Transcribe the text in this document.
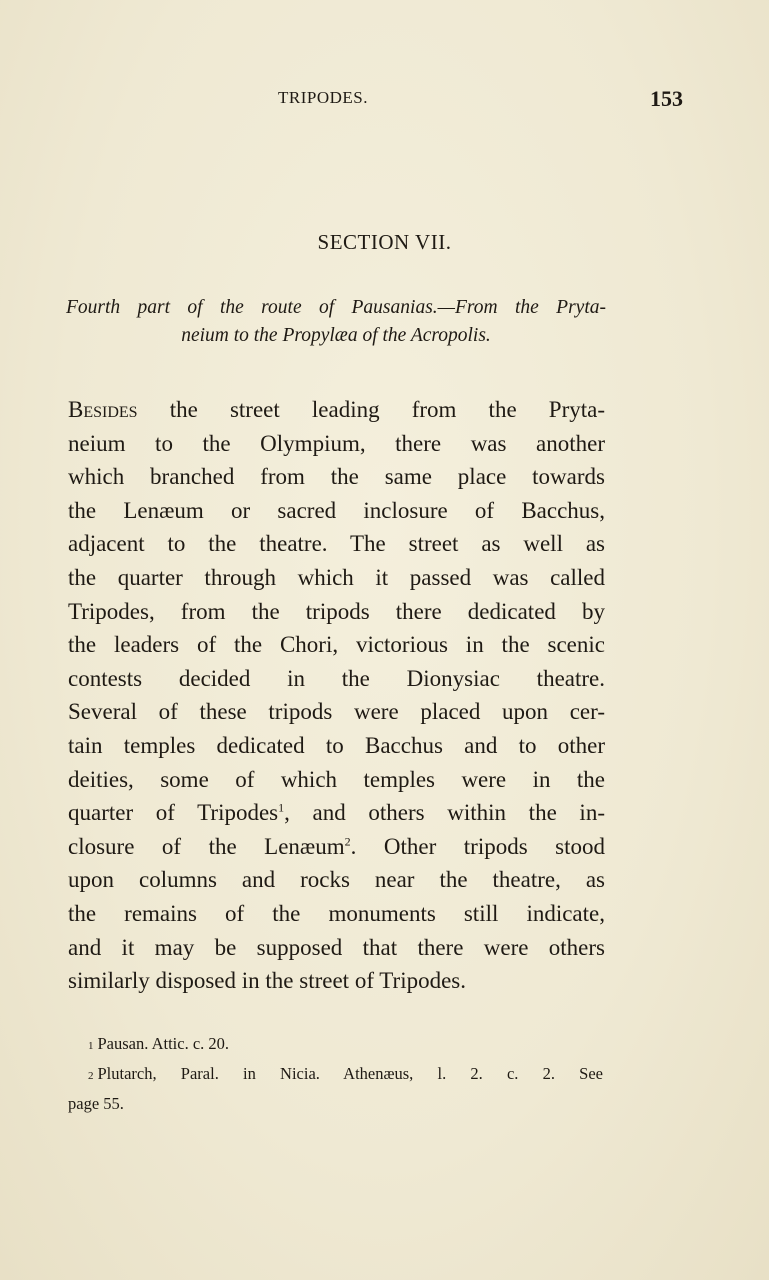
TRIPODES.	153
SECTION VII.
Fourth part of the route of Pausanias.—From the Pryta-
neium to the Propylæa of the Acropolis.
Besides the street leading from the Pryta-
neium to the Olympium, there was another
which branched from the same place towards
the Lenæum or sacred inclosure of Bacchus,
adjacent to the theatre. The street as well as
the quarter through which it passed was called
Tripodes, from the tripods there dedicated by
the leaders of the Chori, victorious in the scenic
contests decided in the Dionysiac theatre.
Several of these tripods were placed upon cer-
tain temples dedicated to Bacchus and to other
deities, some of which temples were in the
quarter of Tripodes$^1$, and others within the in-
closure of the Lenæum$^2$. Other tripods stood
upon columns and rocks near the theatre, as
the remains of the monuments still indicate,
and it may be supposed that there were others
similarly disposed in the street of Tripodes.
1 Pausan. Attic. c. 20.
2 Plutarch, Paral. in Nicia. Athenæus, l. 2. c. 2. See
page 55.
